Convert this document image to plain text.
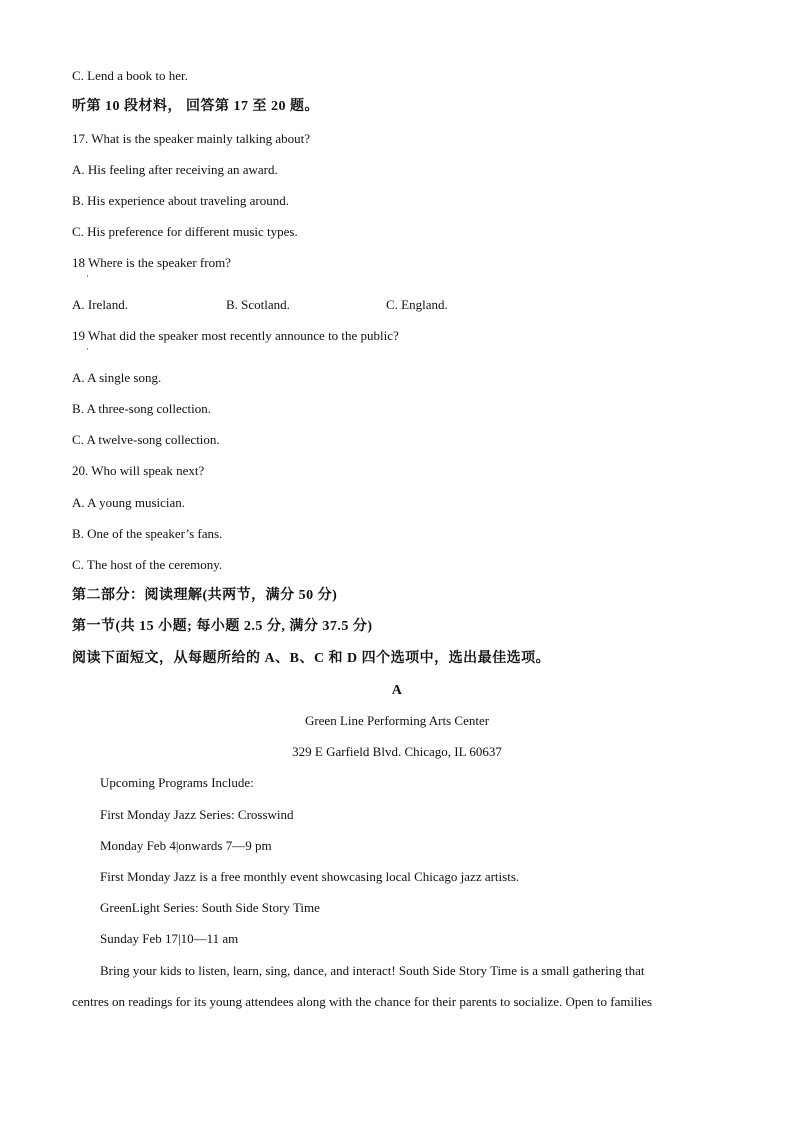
C. Lend a book to her.
听第 10 段材料， 回答第 17 至 20 题。
17. What is the speaker mainly talking about?
A. His feeling after receiving an award.
B. His experience about traveling around.
C. His preference for different music types.
18 Where is the speaker from?
·
A. Ireland.	B. Scotland.	C. England.
19 What did the speaker most recently announce to the public?
·
A. A single song.
B. A three-song collection.
C. A twelve-song collection.
20. Who will speak next?
A. A young musician.
B. One of the speaker’s fans.
C. The host of the ceremony.
第二部分：阅读理解(共两节，满分 50 分)
第一节(共 15 小题; 每小题 2.5 分, 满分 37.5 分)
阅读下面短文，从每题所给的 A、B、C 和 D 四个选项中，选出最佳选项。
A
Green Line Performing Arts Center
329 E Garfield Blvd. Chicago, IL 60637
Upcoming Programs Include:
First Monday Jazz Series: Crosswind
Monday Feb 4|onwards 7—9 pm
First Monday Jazz is a free monthly event showcasing local Chicago jazz artists.
GreenLight Series: South Side Story Time
Sunday Feb 17|10—11 am
Bring your kids to listen, learn, sing, dance, and interact! South Side Story Time is a small gathering that
centres on readings for its young attendees along with the chance for their parents to socialize. Open to families
